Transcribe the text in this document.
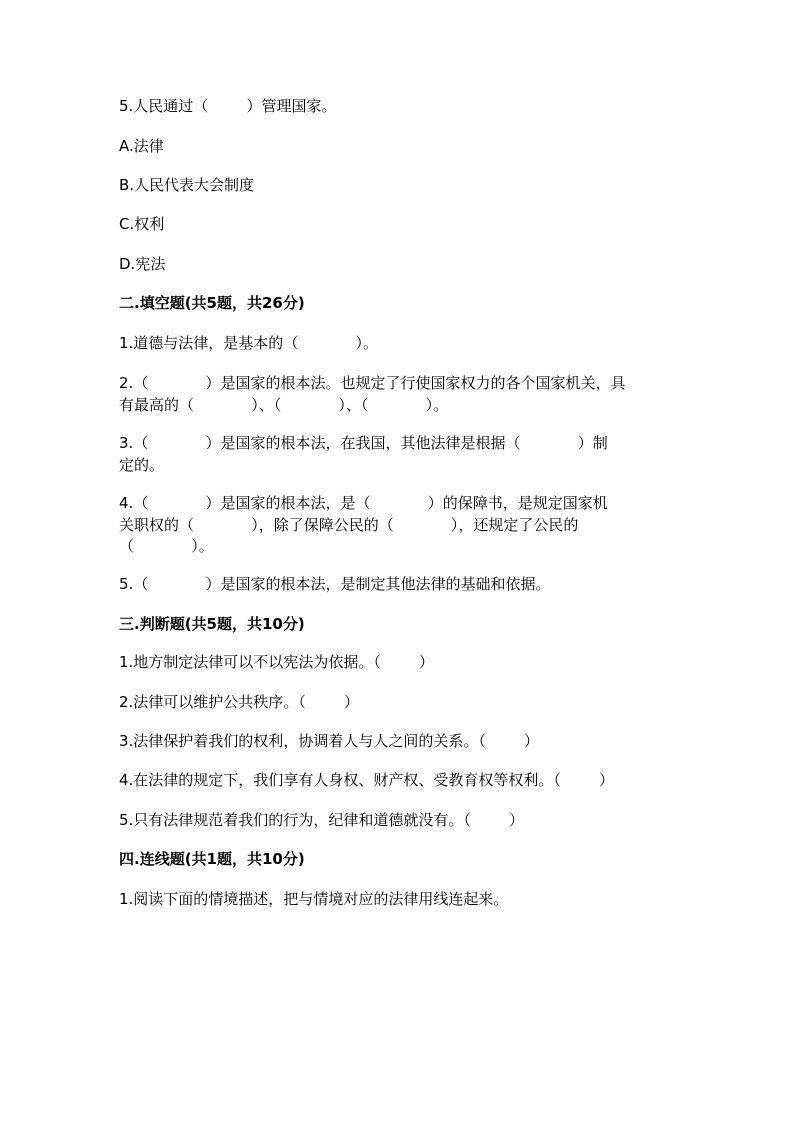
5.人民通过（        ）管理国家。
A.法律
B.人民代表大会制度
C.权利
D.宪法
二.填空题(共5题，共26分)
1.道德与法律，是基本的（            ）。
2.（            ）是国家的根本法。也规定了行使国家权力的各个国家机关，具
有最高的（            ）、（            ）、（            ）。
3.（            ）是国家的根本法，在我国，其他法律是根据（            ）制
定的。
4.（            ）是国家的根本法，是（            ）的保障书，是规定国家机
关职权的（            ），除了保障公民的（            ），还规定了公民的
（            ）。
5.（            ）是国家的根本法，是制定其他法律的基础和依据。
三.判断题(共5题，共10分)
1.地方制定法律可以不以宪法为依据。（        ）
2.法律可以维护公共秩序。（        ）
3.法律保护着我们的权利，协调着人与人之间的关系。（        ）
4.在法律的规定下，我们享有人身权、财产权、受教育权等权利。（        ）
5.只有法律规范着我们的行为，纪律和道德就没有。（        ）
四.连线题(共1题，共10分)
1.阅读下面的情境描述，把与情境对应的法律用线连起来。
